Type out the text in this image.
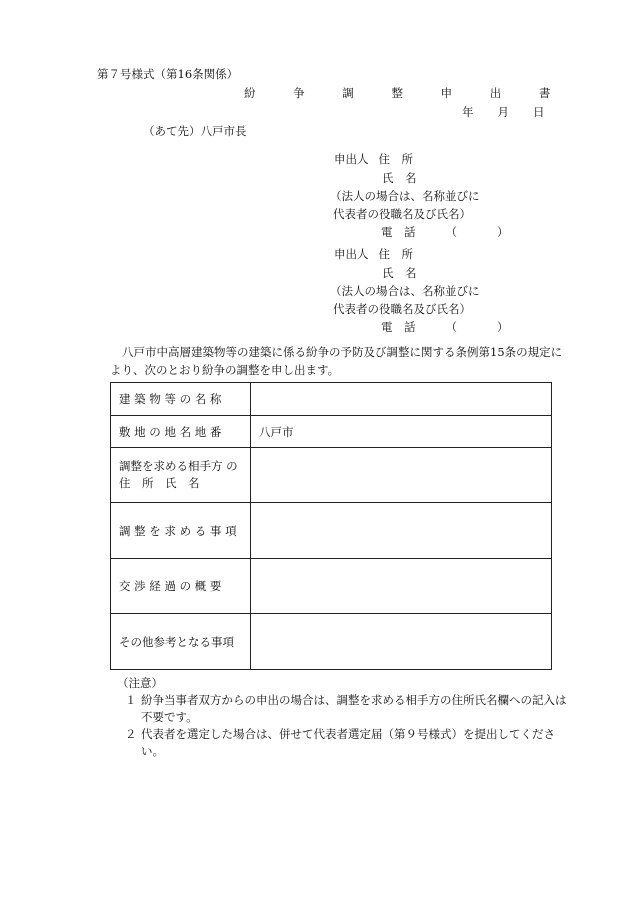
第７号様式（第16条関係）
紛 争 調 整 申 出 書
年 月 日
（あて先）八戸市長
申出人 住　所
氏　名
（法人の場合は、名称並びに
代表者の役職名及び氏名）
電　話	（	）
申出人 住　所
氏　名
（法人の場合は、名称並びに
代表者の役職名及び氏名）
電　話	（	）
八戸市中高層建築物等の建築に係る紛争の予防及び調整に関する条例第15条の規定により、次のとおり紛争の調整を申し出ます。
建 築 物 等 の 名 称	
敷 地 の 地 名 地 番	八戸市
調整を求める相手方 の　住　所　氏　名	
調 整 を 求 め る 事 項	
交 渉 経 過 の 概 要	
その他参考となる事項	
（注意）
１ 紛争当事者双方からの申出の場合は、調整を求める相手方の住所氏名欄への記入は不要です。
２ 代表者を選定した場合は、併せて代表者選定届（第９号様式）を提出してください。
